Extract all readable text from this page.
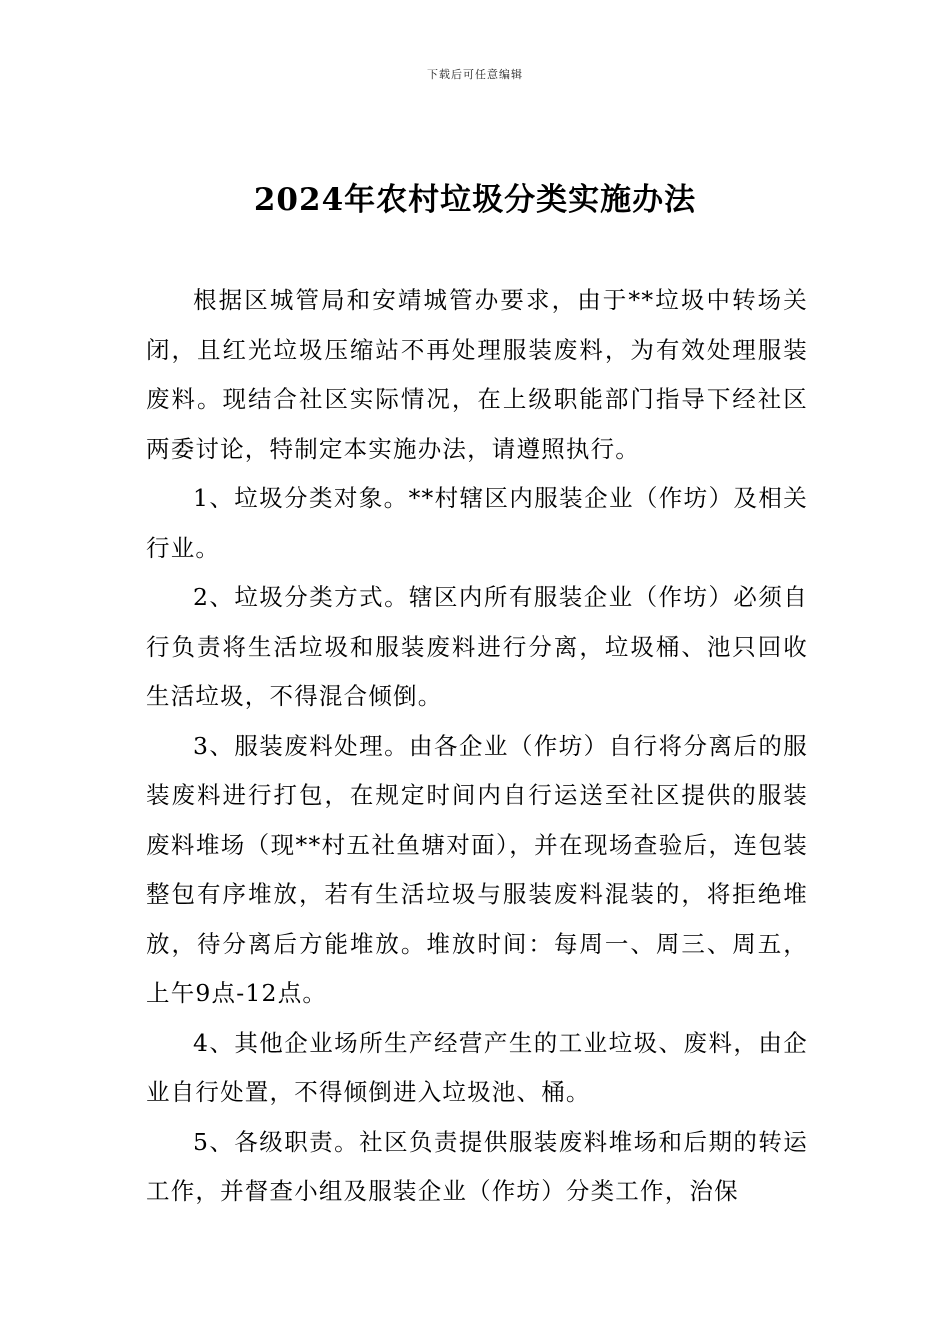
下载后可任意编辑
2024年农村垃圾分类实施办法

根据区城管局和安靖城管办要求，由于**垃圾中转场关闭，且红光垃圾压缩站不再处理服装废料，为有效处理服装废料。现结合社区实际情况，在上级职能部门指导下经社区两委讨论，特制定本实施办法，请遵照执行。

1、垃圾分类对象。**村辖区内服装企业（作坊）及相关行业。

2、垃圾分类方式。辖区内所有服装企业（作坊）必须自行负责将生活垃圾和服装废料进行分离，垃圾桶、池只回收生活垃圾，不得混合倾倒。

3、服装废料处理。由各企业（作坊）自行将分离后的服装废料进行打包，在规定时间内自行运送至社区提供的服装废料堆场（现**村五社鱼塘对面），并在现场查验后，连包装整包有序堆放，若有生活垃圾与服装废料混装的，将拒绝堆放，待分离后方能堆放。堆放时间：每周一、周三、周五，上午9点-12点。

4、其他企业场所生产经营产生的工业垃圾、废料，由企业自行处置，不得倾倒进入垃圾池、桶。

5、各级职责。社区负责提供服装废料堆场和后期的转运工作，并督查小组及服装企业（作坊）分类工作，治保
